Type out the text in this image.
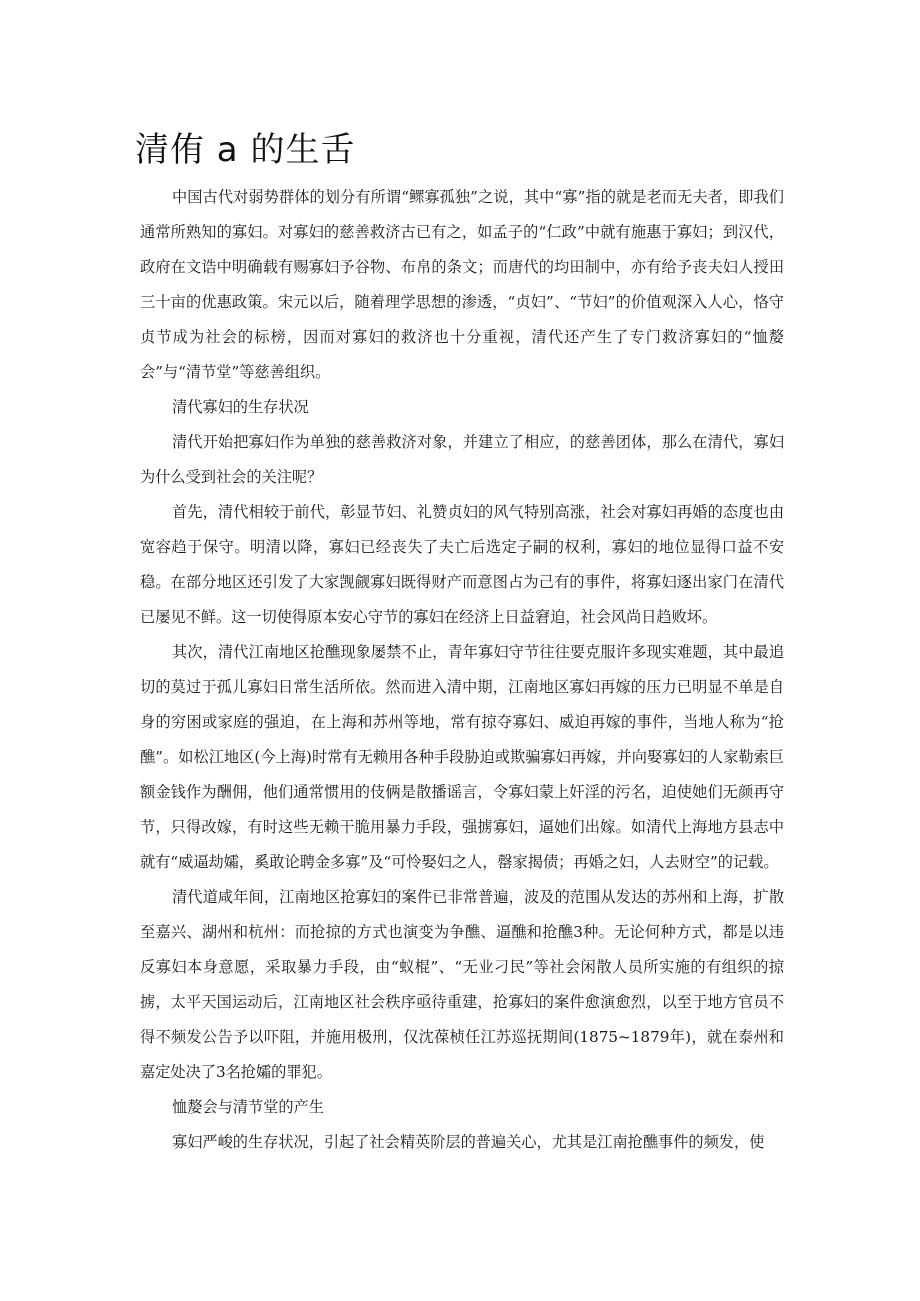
清侑 a 的生舌

中国古代对弱势群体的划分有所谓“鳏寡孤独”之说，其中“寡”指的就是老而无夫者，即我们通常所熟知的寡妇。对寡妇的慈善救济古已有之，如孟子的“仁政”中就有施惠于寡妇；到汉代，政府在文诰中明确载有赐寡妇予谷物、布帛的条文；而唐代的均田制中，亦有给予丧夫妇人授田三十亩的优惠政策。宋元以后，随着理学思想的渗透，“贞妇”、“节妇”的价值观深入人心，恪守贞节成为社会的标榜，因而对寡妇的救济也十分重视，清代还产生了专门救济寡妇的“恤嫠会”与“清节堂”等慈善组织。

清代寡妇的生存状况

清代开始把寡妇作为单独的慈善救济对象，并建立了相应，的慈善团体，那么在清代，寡妇为什么受到社会的关注呢？

首先，清代相较于前代，彰显节妇、礼赞贞妇的风气特别高涨，社会对寡妇再婚的态度也由宽容趋于保守。明清以降，寡妇已经丧失了夫亡后选定子嗣的权利，寡妇的地位显得口益不安稳。在部分地区还引发了大家觊觎寡妇既得财产而意图占为己有的事件，将寡妇逐出家门在清代已屡见不鲜。这一切使得原本安心守节的寡妇在经济上日益窘迫，社会风尚日趋败坏。

其次，清代江南地区抢醮现象屡禁不止，青年寡妇守节往往要克服许多现实难题，其中最追切的莫过于孤儿寡妇日常生活所依。然而进入清中期，江南地区寡妇再嫁的压力已明显不单是自身的穷困或家庭的强迫，在上海和苏州等地，常有掠夺寡妇、威迫再嫁的事件，当地人称为“抢醮”。如松江地区(今上海)时常有无赖用各种手段胁迫或欺骗寡妇再嫁，并向娶寡妇的人家勒索巨额金钱作为酬佣，他们通常惯用的伎俩是散播谣言，令寡妇蒙上奸淫的污名，迫使她们无颜再守节，只得改嫁，有时这些无赖干脆用暴力手段，强掳寡妇，逼她们出嫁。如清代上海地方县志中就有“威逼劫孀，奚敢论聘金多寡”及“可怜娶妇之人，罄家揭债；再婚之妇，人去财空”的记载。

清代道咸年间，江南地区抢寡妇的案件已非常普遍，波及的范围从发达的苏州和上海，扩散至嘉兴、湖州和杭州：而抢掠的方式也演变为争醮、逼醮和抢醮3种。无论何种方式，都是以违反寡妇本身意愿，采取暴力手段，由“蚁棍”、“无业刁民”等社会闲散人员所实施的有组织的掠掳，太平天国运动后，江南地区社会秩序亟待重建，抢寡妇的案件愈演愈烈，以至于地方官员不得不频发公告予以吓阻，并施用极刑，仅沈葆桢任江苏巡抚期间(1875~1879年)，就在泰州和嘉定处决了3名抢孀的罪犯。

恤嫠会与清节堂的产生

寡妇严峻的生存状况，引起了社会精英阶层的普遍关心，尤其是江南抢醮事件的频发，使
